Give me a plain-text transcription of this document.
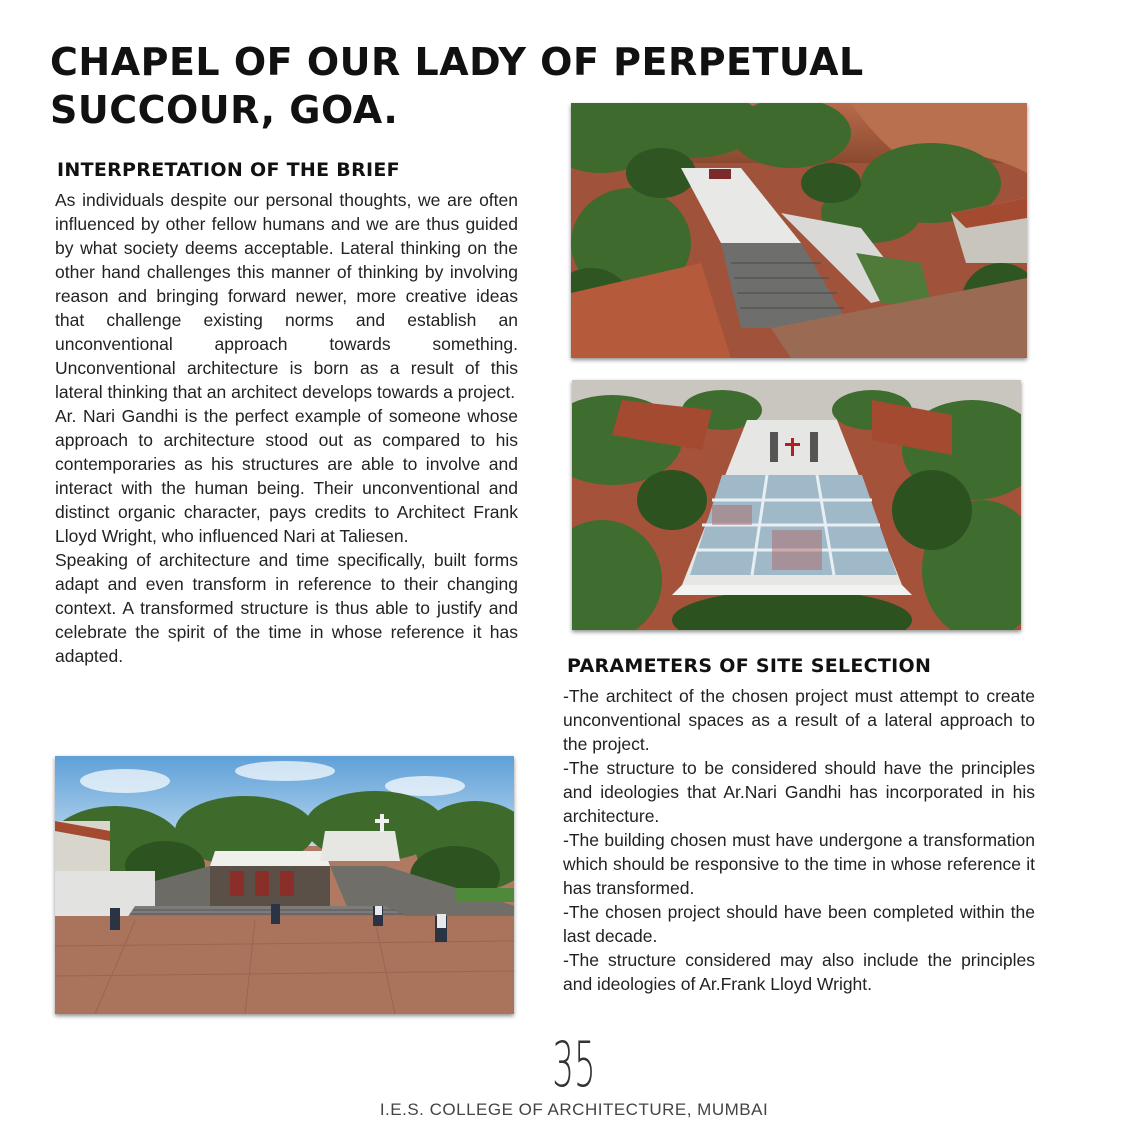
CHAPEL OF OUR LADY OF PERPETUAL
SUCCOUR, GOA.
INTERPRETATION OF THE BRIEF

As individuals despite our personal thoughts, we are often influenced by other fellow humans and we are thus guided by what society deems acceptable. Lateral thinking on the other hand challenges this manner of thinking by involving reason and bringing forward newer, more creative ideas that challenge existing norms and establish an unconventional approach towards something. Unconventional architecture is born as a result of this lateral thinking that an architect develops towards a project.

Ar. Nari Gandhi is the perfect example of someone whose approach to architecture stood out as compared to his contemporaries as his structures are able to involve and interact with the human being. Their unconventional and distinct organic character, pays credits to Architect Frank Lloyd Wright, who influenced Nari at Taliesen.

Speaking of architecture and time specifically, built forms adapt and even transform in reference to their changing context. A transformed structure is thus able to justify and celebrate the spirit of the time in whose reference it has adapted.	PARAMETERS OF SITE SELECTION

-The architect of the chosen project must attempt to create unconventional spaces as a result of a lateral approach to the project.

-The structure to be considered should have the principles and ideologies that Ar.Nari Gandhi has incorporated in his architecture.

-The building chosen must have undergone a transformation which should be responsive to the time in whose reference it has transformed.

-The chosen project should have been completed within the last decade.

-The structure considered may also include the principles and ideologies of Ar.Frank Lloyd Wright.

35
I.E.S. COLLEGE OF ARCHITECTURE, MUMBAI
